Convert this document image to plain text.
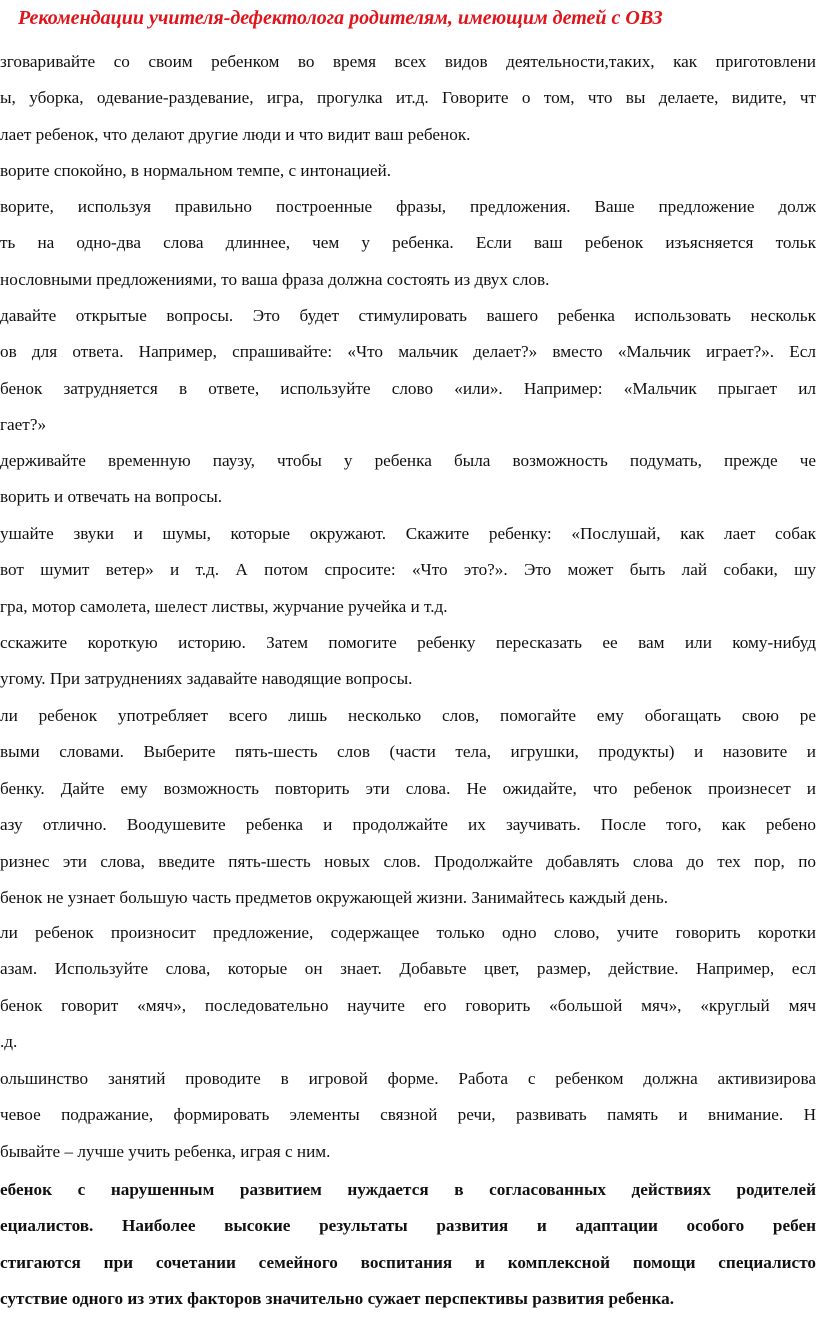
Рекомендации учителя-дефектолога родителям, имеющим детей с ОВЗ
зговаривайте со своим ребенком во время всех видов деятельности,таких, как приготовлени
ы, уборка, одевание-раздевание, игра, прогулка ит.д. Говорите о том, что вы делаете, видите, чт
лает ребенок, что делают другие люди и что видит ваш ребенок.
ворите спокойно, в нормальном темпе, с интонацией.
ворите, используя правильно построенные фразы, предложения. Ваше предложение долж
ть на одно-два слова длиннее, чем у ребенка. Если ваш ребенок изъясняется тольк
нословными предложениями, то ваша фраза должна состоять из двух слов.
давайте открытые вопросы. Это будет стимулировать вашего ребенка использовать нескольк
ов для ответа. Например, спрашивайте: «Что мальчик делает?» вместо «Мальчик играет?». Есл
бенок затрудняется в ответе, используйте слово «или». Например: «Мальчик прыгает ил
гает?»
держивайте временную паузу, чтобы у ребенка была возможность подумать, прежде че
ворить и отвечать на вопросы.
ушайте звуки и шумы, которые окружают. Скажите ребенку: «Послушай, как лает собак
вот шумит ветер» и т.д. А потом спросите: «Что это?». Это может быть лай собаки, шу
гра, мотор самолета, шелест листвы, журчание ручейка и т.д.
сскажите короткую историю. Затем помогите ребенку пересказать ее вам или кому-нибуд
угому. При затруднениях задавайте наводящие вопросы.
ли ребенок употребляет всего лишь несколько слов, помогайте ему обогащать свою ре
выми словами. Выберите пять-шесть слов (части тела, игрушки, продукты) и назовите и
бенку. Дайте ему возможность повторить эти слова. Не ожидайте, что ребенок произнесет и
азу отлично. Воодушевите ребенка и продолжайте их заучивать. После того, как ребено
ризнес эти слова, введите пять-шесть новых слов. Продолжайте добавлять слова до тех пор, по
бенок не узнает большую часть предметов окружающей жизни. Занимайтесь каждый день.
ли ребенок произносит предложение, содержащее только одно слово, учите говорить коротки
азам. Используйте слова, которые он знает. Добавьте цвет, размер, действие. Например, есл
бенок говорит «мяч», последовательно научите его говорить «большой мяч», «круглый мяч
.д.
ольшинство занятий проводите в игровой форме. Работа с ребенком должна активизирова
чевое подражание, формировать элементы связной речи, развивать память и внимание. Н
бывайте – лучше учить ребенка, играя с ним.
ебенок с нарушенным развитием нуждается в согласованных действиях родителей
ециалистов. Наиболее высокие результаты развития и адаптации особого ребен
стигаются при сочетании семейного воспитания и комплексной помощи специалисто
сутствие одного из этих факторов значительно сужает перспективы развития ребенка.
